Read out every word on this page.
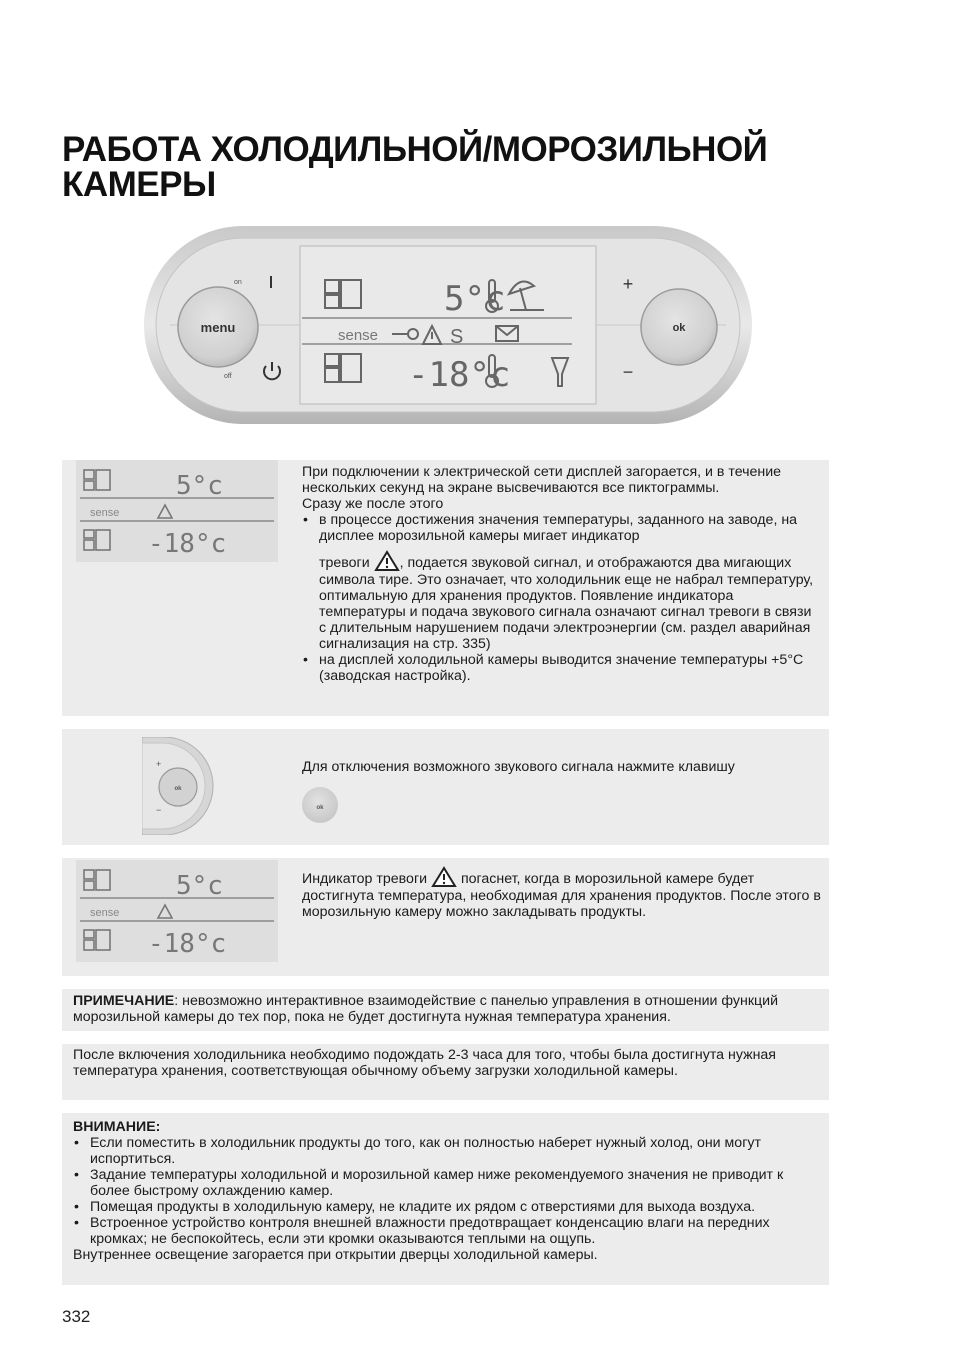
РАБОТА ХОЛОДИЛЬНОЙ/МОРОЗИЛЬНОЙ
КАМЕРЫ
menu
on
off
ok
+
−
5°c
sense	S
-18°c
5°c
sense
-18°c

При подключении к электрической сети дисплей загорается, и в течение нескольких секунд на экране высвечиваются все пиктограммы.

Сразу же после этого

• в процессе достижения значения температуры, заданного на заводе, на дисплее морозильной камеры мигает индикатор
тревоги , подается звуковой сигнал, и отображаются два мигающих символа тире. Это означает, что холодильник еще не набрал температуру, оптимальную для хранения продуктов. Появление индикатора температуры и подача звукового сигнала означают сигнал тревоги в связи с длительным нарушением подачи электроэнергии (см. раздел аварийная сигнализация на стр. 335)
• на дисплей холодильной камеры выводится значение температуры +5°С (заводская настройка).
ok
+
−

Для отключения возможного звукового сигнала нажмите клавишу

ok
5°c
sense
-18°c
Индикатор тревоги погаснет, когда в морозильной камере будет достигнута температура, необходимая для хранения продуктов. После этого в морозильную камеру можно закладывать продукты.
ПРИМЕЧАНИЕ: невозможно интерактивное взаимодействие с панелью управления в отношении функций морозильной камеры до тех пор, пока не будет достигнута нужная температура хранения.
После включения холодильника необходимо подождать 2-3 часа для того, чтобы была достигнута нужная температура хранения, соответствующая обычному объему загрузки холодильной камеры.
ВНИМАНИЕ:
• Если поместить в холодильник продукты до того, как он полностью наберет нужный холод, они могут испортиться.
• Задание температуры холодильной и морозильной камер ниже рекомендуемого значения не приводит к более быстрому охлаждению камер.
• Помещая продукты в холодильную камеру, не кладите их рядом с отверстиями для выхода воздуха.
• Встроенное устройство контроля внешней влажности предотвращает конденсацию влаги на передних кромках; не беспокойтесь, если эти кромки оказываются теплыми на ощупь.
Внутреннее освещение загорается при открытии дверцы холодильной камеры.
332
